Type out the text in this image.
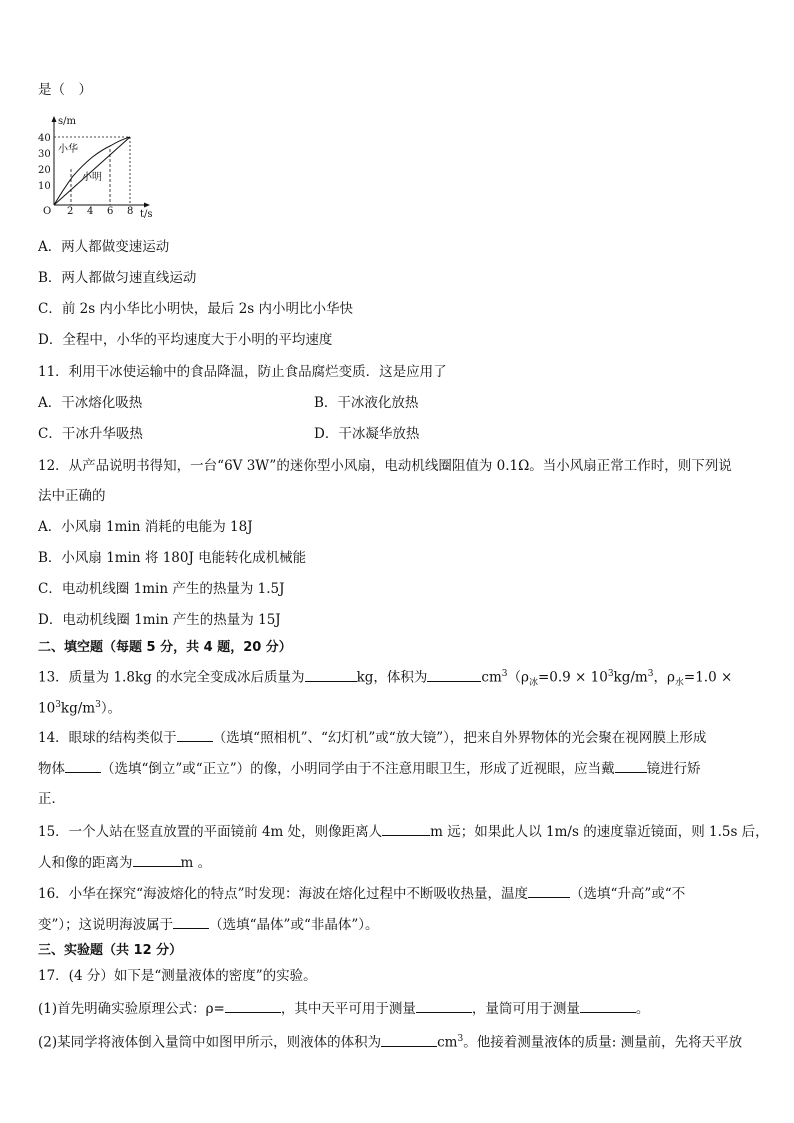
是（　）
s/m
t/s
O
40
30
20
10
2 4 6 8
小华
小明
A．两人都做变速运动
B．两人都做匀速直线运动
C．前 2s 内小华比小明快，最后 2s 内小明比小华快
D．全程中，小华的平均速度大于小明的平均速度
11．利用干冰使运输中的食品降温，防止食品腐烂变质．这是应用了
A．干冰熔化吸热	B．干冰液化放热
C．干冰升华吸热	D．干冰凝华放热
12．从产品说明书得知，一台“6V 3W”的迷你型小风扇，电动机线圈阻值为 0.1Ω。当小风扇正常工作时，则下列说
法中正确的
A．小风扇 1min 消耗的电能为 18J
B．小风扇 1min 将 180J 电能转化成机械能
C．电动机线圈 1min 产生的热量为 1.5J
D．电动机线圈 1min 产生的热量为 15J
二、填空题（每题 5 分，共 4 题，20 分）
13．质量为 1.8kg 的水完全变成冰后质量为	kg，体积为	$cm^3(\rho_冰=0.9 \times 10^3kg/m^3$，$\rho_水=1.0$ ×
$10^3kg/m^3$）。
14．眼球的结构类似于	（选填“照相机”、“幻灯机”或“放大镜”），把来自外界物体的光会聚在视网膜上形成
物体	（选填“倒立”或“正立”）的像，小明同学由于不注意用眼卫生，形成了近视眼，应当戴 镜进行矫
正．
15．一个人站在竖直放置的平面镜前 4m 处，则像距离人	m 远；如果此人以 1m/s 的速度靠近镜面，则 1.5s 后，
人和像的距离为	m 。
16．小华在探究“海波熔化的特点”时发现：海波在熔化过程中不断吸收热量，温度	（选填“升高”或“不
变”）；这说明海波属于	（选填“晶体”或“非晶体”）。
三、实验题（共 12 分）
17．(4 分）如下是“测量液体的密度”的实验。
(1)首先明确实验原理公式：ρ=	，其中天平可用于测量	，量筒可用于测量	。
(2)某同学将液体倒入量筒中如图甲所示，则液体的体积为	$cm^3$。他接着测量液体的质量: 测量前，先将天平放
